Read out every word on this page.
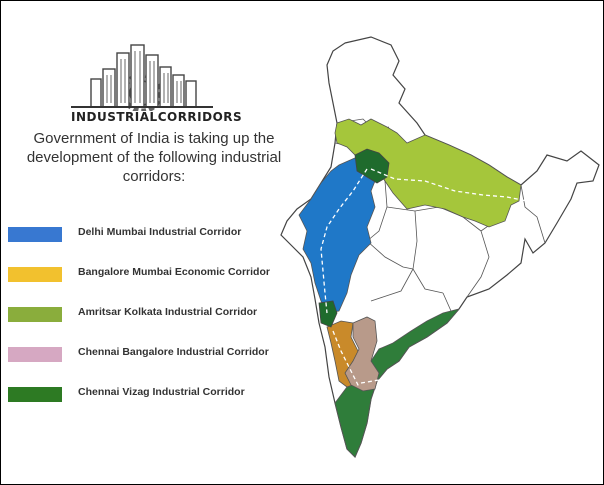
INDUSTRIAL CORRIDORS
Government of India is taking up the development of the following industrial corridors:
Delhi Mumbai Industrial Corridor
Bangalore Mumbai Economic Corridor
Amritsar Kolkata Industrial Corridor
Chennai Bangalore Industrial Corridor
Chennai Vizag Industrial Corridor
